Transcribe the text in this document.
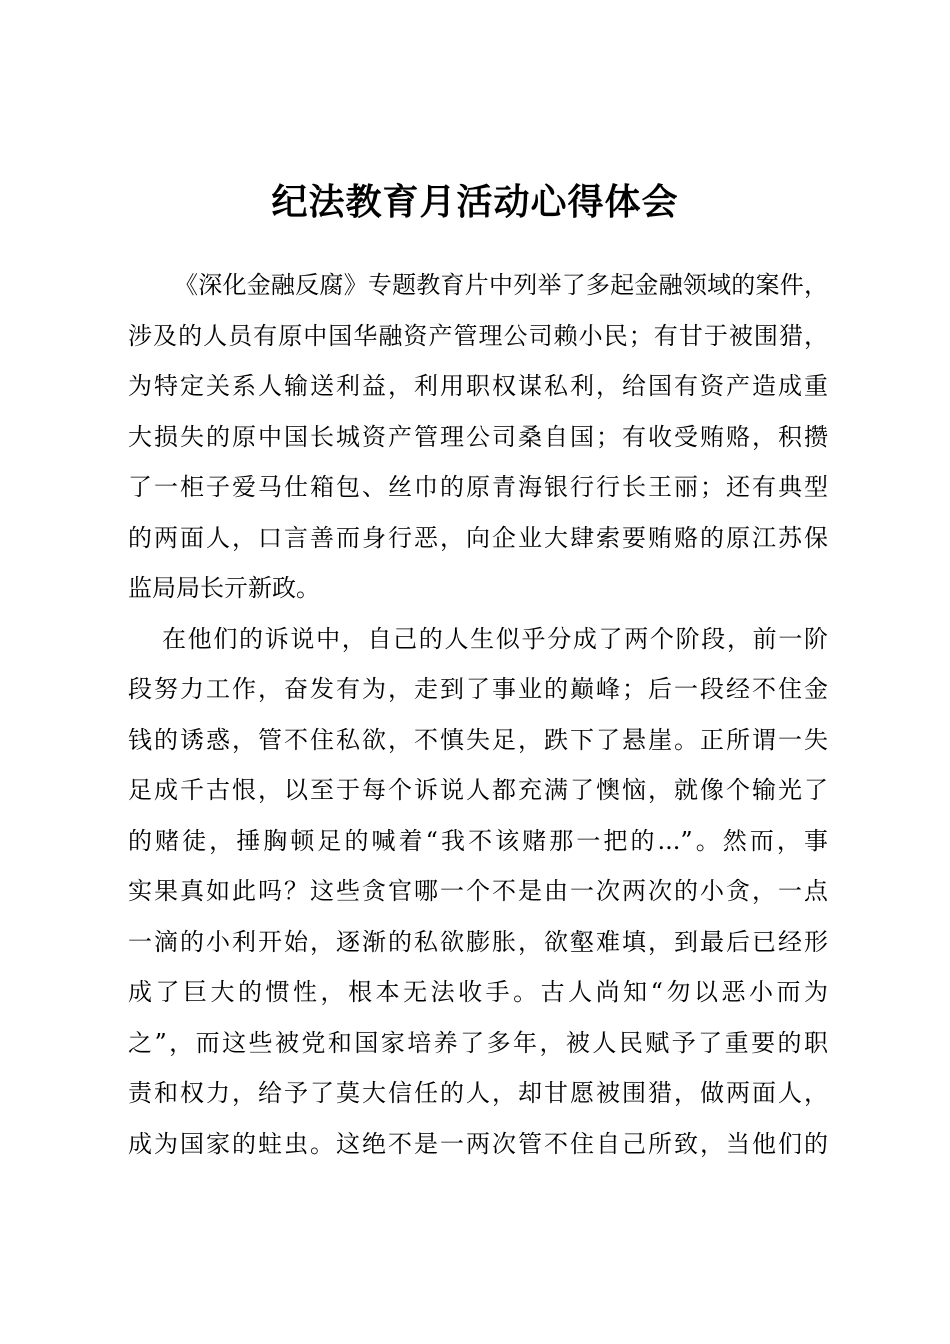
纪法教育月活动心得体会
《深化金融反腐》专题教育片中列举了多起金融领域的案件，
涉及的人员有原中国华融资产管理公司赖小民；有甘于被围猎，
为特定关系人输送利益，利用职权谋私利，给国有资产造成重
大损失的原中国长城资产管理公司桑自国；有收受贿赂，积攒
了一柜子爱马仕箱包、丝巾的原青海银行行长王丽；还有典型
的两面人，口言善而身行恶，向企业大肆索要贿赂的原江苏保
监局局长亓新政。
在他们的诉说中，自己的人生似乎分成了两个阶段，前一阶
段努力工作，奋发有为，走到了事业的巅峰；后一段经不住金
钱的诱惑，管不住私欲，不慎失足，跌下了悬崖。正所谓一失
足成千古恨，以至于每个诉说人都充满了懊恼，就像个输光了
的赌徒，捶胸顿足的喊着“我不该赌那一把的...”。然而，事
实果真如此吗？这些贪官哪一个不是由一次两次的小贪，一点
一滴的小利开始，逐渐的私欲膨胀，欲壑难填，到最后已经形
成了巨大的惯性，根本无法收手。古人尚知“勿以恶小而为
之”，而这些被党和国家培养了多年，被人民赋予了重要的职
责和权力，给予了莫大信任的人，却甘愿被围猎，做两面人，
成为国家的蛀虫。这绝不是一两次管不住自己所致，当他们的
